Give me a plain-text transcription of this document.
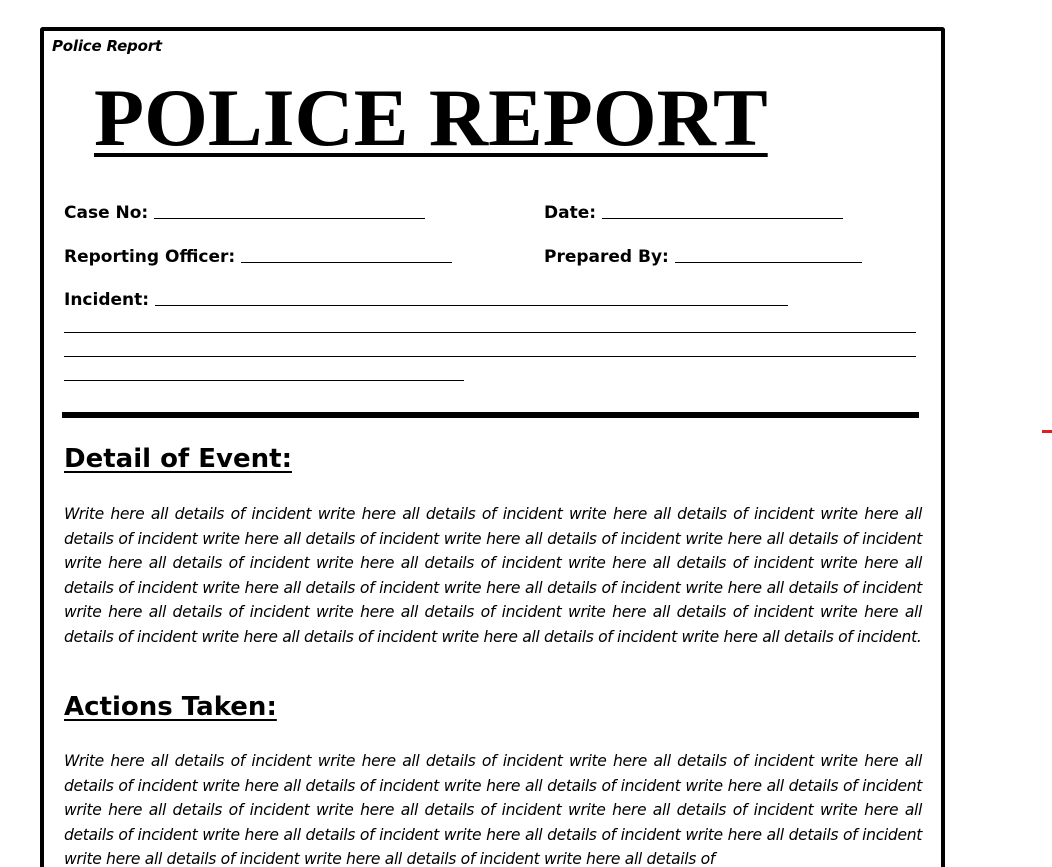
Police Report
POLICE REPORT
Case No:	Date:
Reporting Officer:	Prepared By:
Incident:
Detail of Event:
Write here all details of incident write here all details of incident write here all details of incident write here all details of incident write here all details of incident write here all details of incident write here all details of incident write here all details of incident write here all details of incident write here all details of incident write here all details of incident write here all details of incident write here all details of incident write here all details of incident write here all details of incident write here all details of incident write here all details of incident write here all details of incident write here all details of incident write here all details of incident write here all details of incident.
Actions Taken:
Write here all details of incident write here all details of incident write here all details of incident write here all details of incident write here all details of incident write here all details of incident write here all details of incident write here all details of incident write here all details of incident write here all details of incident write here all details of incident write here all details of incident write here all details of incident write here all details of incident write here all details of incident write here all details of incident write here all details of
